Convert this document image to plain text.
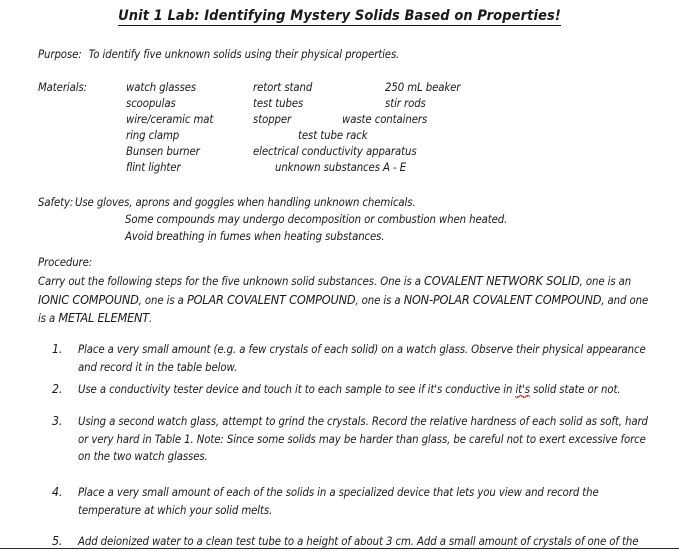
Unit 1 Lab: Identifying Mystery Solids Based on Properties!
Purpose: To identify five unknown solids using their physical properties.
Materials:	watch glasses	retort stand	250 mL beaker
scoopulas	test tubes	stir rods
wire/ceramic mat	stopper	waste containers
ring clamp	test tube rack
Bunsen burner	electrical conductivity apparatus
flint lighter	unknown substances A - E
Safety: Use gloves, aprons and goggles when handling unknown chemicals.
Some compounds may undergo decomposition or combustion when heated.
Avoid breathing in fumes when heating substances.
Procedure:
Carry out the following steps for the five unknown solid substances. One is a COVALENT NETWORK SOLID, one is an IONIC COMPOUND, one is a POLAR COVALENT COMPOUND, one is a NON-POLAR COVALENT COMPOUND, and one is a METAL ELEMENT.
1.	Place a very small amount (e.g. a few crystals of each solid) on a watch glass. Observe their physical appearance and record it in the table below.
2.	Use a conductivity tester device and touch it to each sample to see if it's conductive in it's solid state or not.
3.	Using a second watch glass, attempt to grind the crystals. Record the relative hardness of each solid as soft, hard or very hard in Table 1. Note: Since some solids may be harder than glass, be careful not to exert excessive force on the two watch glasses.
4.	Place a very small amount of each of the solids in a specialized device that lets you view and record the temperature at which your solid melts.
5.	Add deionized water to a clean test tube to a height of about 3 cm. Add a small amount of crystals of one of the
